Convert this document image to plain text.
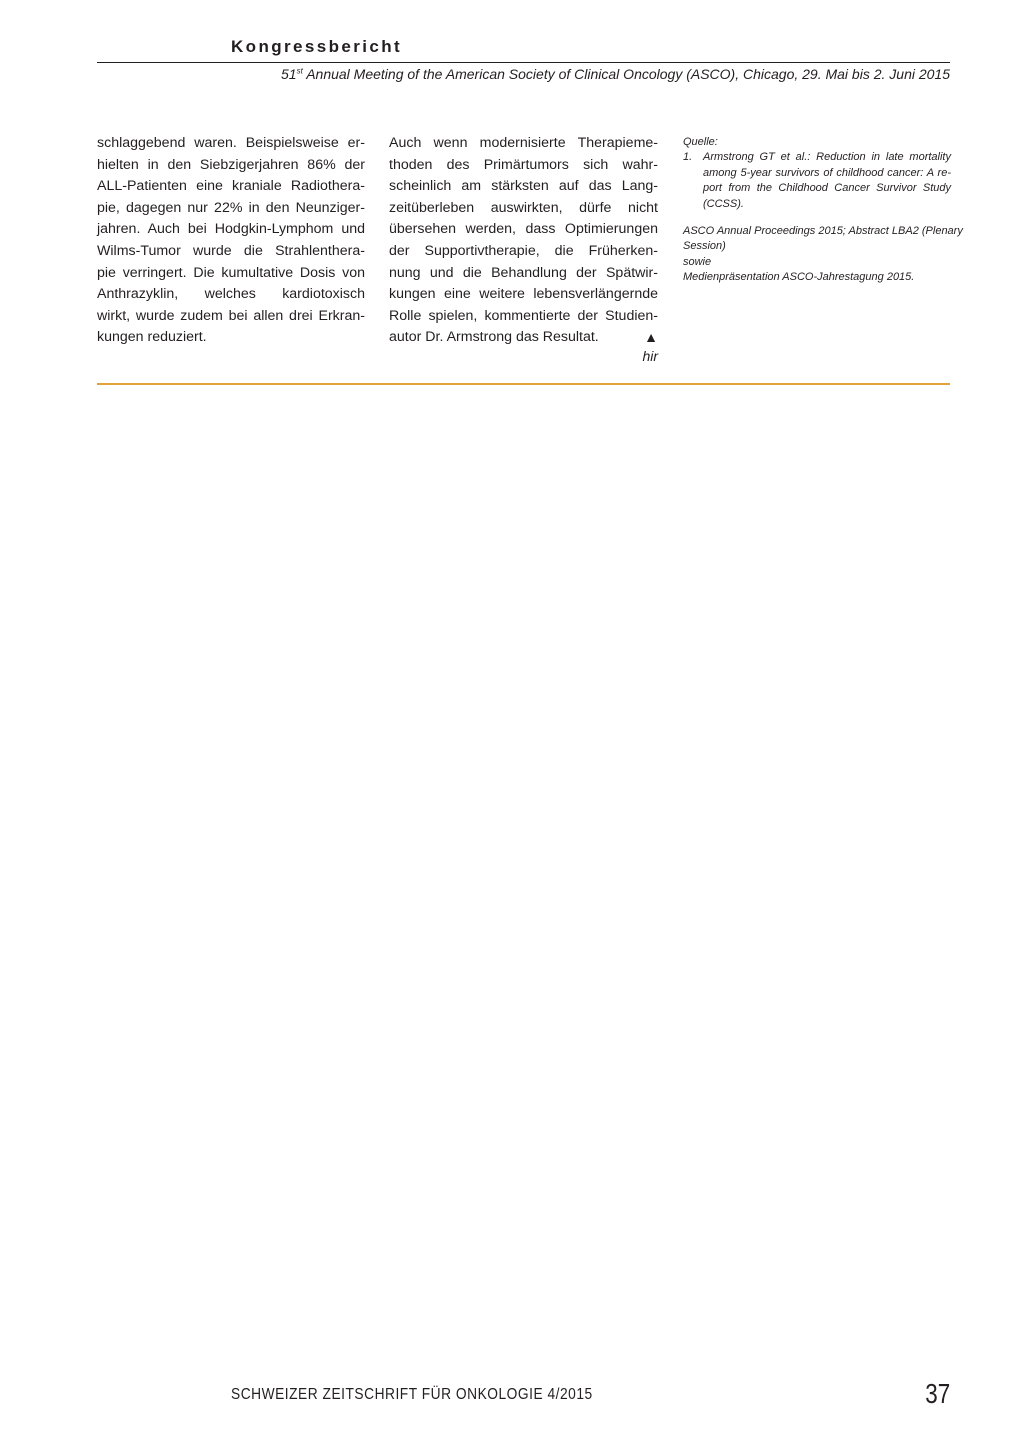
Kongressbericht
51st Annual Meeting of the American Society of Clinical Oncology (ASCO), Chicago, 29. Mai bis 2. Juni 2015
schlaggebend waren. Beispielsweise er-
hielten in den Siebzigerjahren 86% der
ALL-Patienten eine kraniale Radiothera-
pie, dagegen nur 22% in den Neunziger-
jahren. Auch bei Hodgkin-Lymphom und
Wilms-Tumor wurde die Strahlenthera-
pie verringert. Die kumultative Dosis von
Anthrazyklin, welches kardiotoxisch
wirkt, wurde zudem bei allen drei Erkran-
kungen reduziert.
Auch wenn modernisierte Therapieme-
thoden des Primärtumors sich wahr-
scheinlich am stärksten auf das Lang-
zeitüberleben auswirkten, dürfe nicht
übersehen werden, dass Optimierungen
der Supportivtherapie, die Früherken-
nung und die Behandlung der Spätwir-
kungen eine weitere lebensverlängernde
Rolle spielen, kommentierte der Studien-
autor Dr. Armstrong das Resultat.	▲
hir
Quelle:
1. Armstrong GT et al.: Reduction in late mortality
among 5-year survivors of childhood cancer: A re-
port from the Childhood Cancer Survivor Study
(CCSS).
ASCO Annual Proceedings 2015; Abstract LBA2 (Plenary
Session)
sowie
Medienpräsentation ASCO-Jahrestagung 2015.
SCHWEIZER ZEITSCHRIFT FÜR ONKOLOGIE 4/2015	37
